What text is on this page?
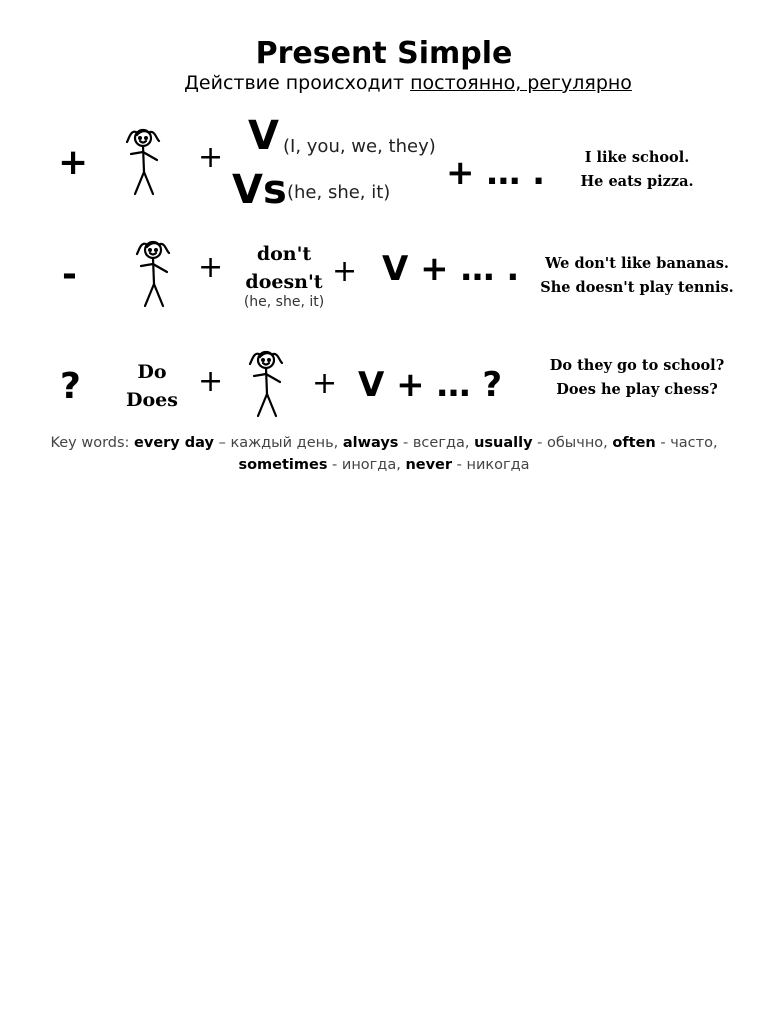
Present Simple
Действие происходит постоянно, регулярно
+	+ V (I, you, we, they)
Vs (he, she, it) + … .	I like school.
He eats pizza.
-	+	don't
doesn't
(he, she, it)
+ V + … .	We don't like bananas.
She doesn't play tennis.
?	Do
Does
+	+ V + … ?	Do they go to school?
Does he play chess?
Key words: every day – каждый день, always - всегда, usually - обычно, often - часто,
sometimes - иногда, never - никогда
